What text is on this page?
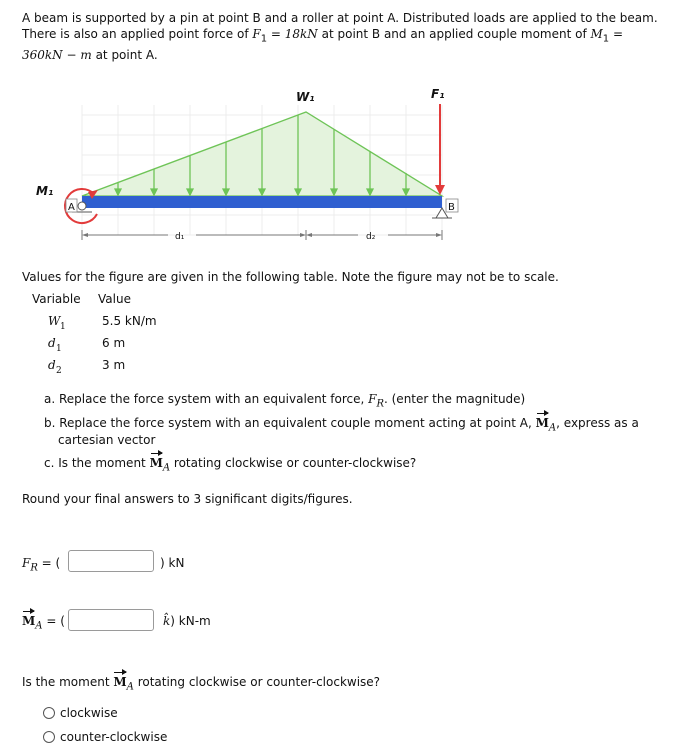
A beam is supported by a pin at point B and a roller at point A. Distributed loads are applied to the beam.
There is also an applied point force of $F_1 = 18kN$ at point B and an applied couple moment of $M_1$ =
360kN − m at point A.
W₁	F₁
M₁
A	B
d₁	d₂
Values for the figure are given in the following table. Note the figure may not be to scale.
Variable Value
W 1	5.5 kN/m
d 1	6 m
d 2	3 m
a. Replace the force system with an equivalent force, $F_R$. (enter the magnitude)
b. Replace the force system with an equivalent couple moment acting at point A, $M_A$, express as a
cartesian vector
c. Is the moment $M_A$ rotating clockwise or counter-clockwise?
Round your final answers to 3 significant digits/figures.
$F_R$ = (	) kN
$M_A$ = (	k̂) kN-m
Is the moment $M_A$ rotating clockwise or counter-clockwise?
clockwise
counter-clockwise
